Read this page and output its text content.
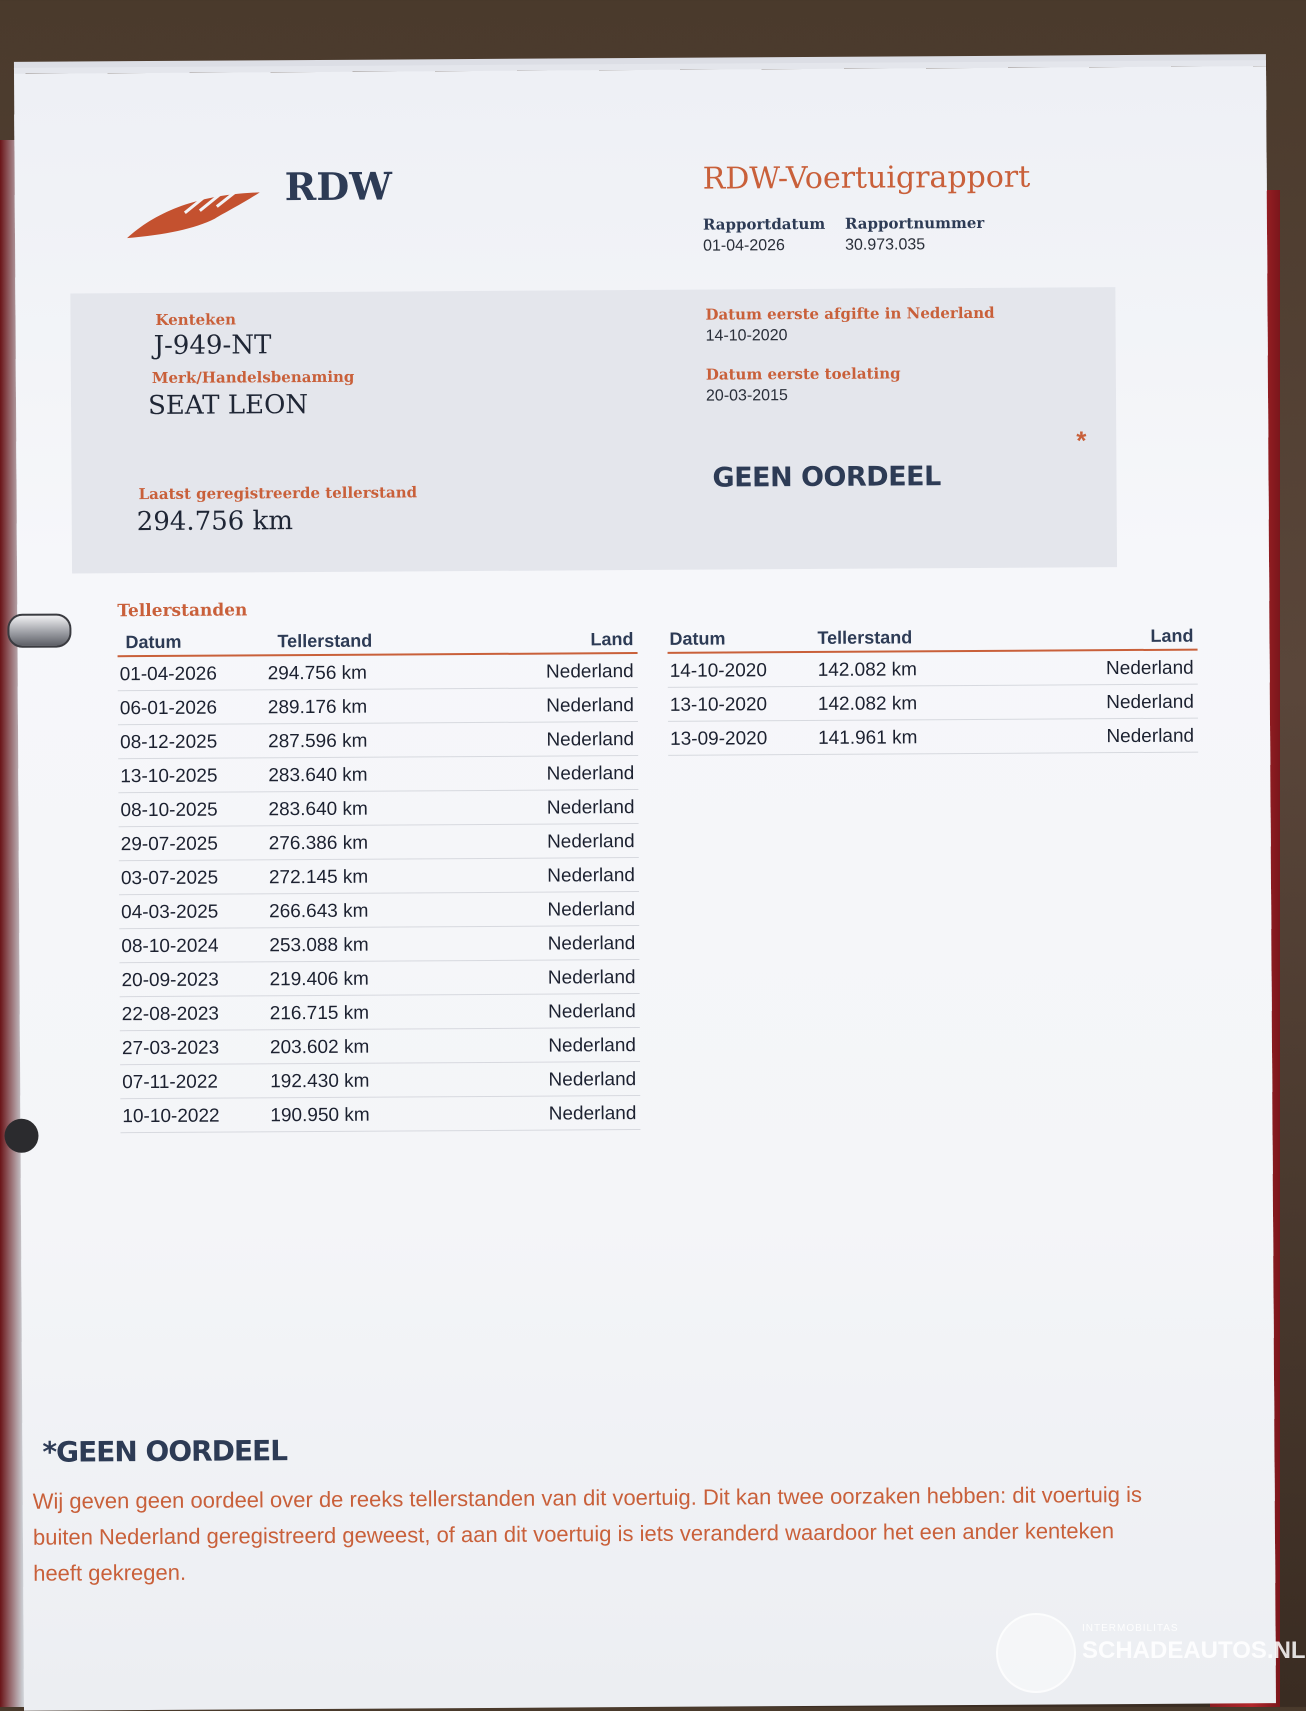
RDW	RDW-Voertuigrapport
Rapportdatum
01-04-2026
Rapportnummer
30.973.035
Kenteken
J-949-NT
Merk/Handelsbenaming
SEAT LEON
Datum eerste afgifte in Nederland
14-10-2020
Datum eerste toelating
20-03-2015
GEEN OORDEEL
*
Laatst geregistreerde tellerstand
294.756 km
Tellerstanden
Datum	Tellerstand	Land
01-04-2026	294.756 km	Nederland
06-01-2026	289.176 km	Nederland
08-12-2025	287.596 km	Nederland
13-10-2025	283.640 km	Nederland
08-10-2025	283.640 km	Nederland
29-07-2025	276.386 km	Nederland
03-07-2025	272.145 km	Nederland
04-03-2025	266.643 km	Nederland
08-10-2024	253.088 km	Nederland
20-09-2023	219.406 km	Nederland
22-08-2023	216.715 km	Nederland
27-03-2023	203.602 km	Nederland
07-11-2022	192.430 km	Nederland
10-10-2022	190.950 km	Nederland
Datum	Tellerstand	Land
14-10-2020	142.082 km	Nederland
13-10-2020	142.082 km	Nederland
13-09-2020	141.961 km	Nederland
*GEEN OORDEEL
Wij geven geen oordeel over de reeks tellerstanden van dit voertuig. Dit kan twee oorzaken hebben: dit voertuig is buiten Nederland geregistreerd geweest, of aan dit voertuig is iets veranderd waardoor het een ander kenteken heeft gekregen.
INTERMOBILITAS
SCHADEAUTOS.NL
